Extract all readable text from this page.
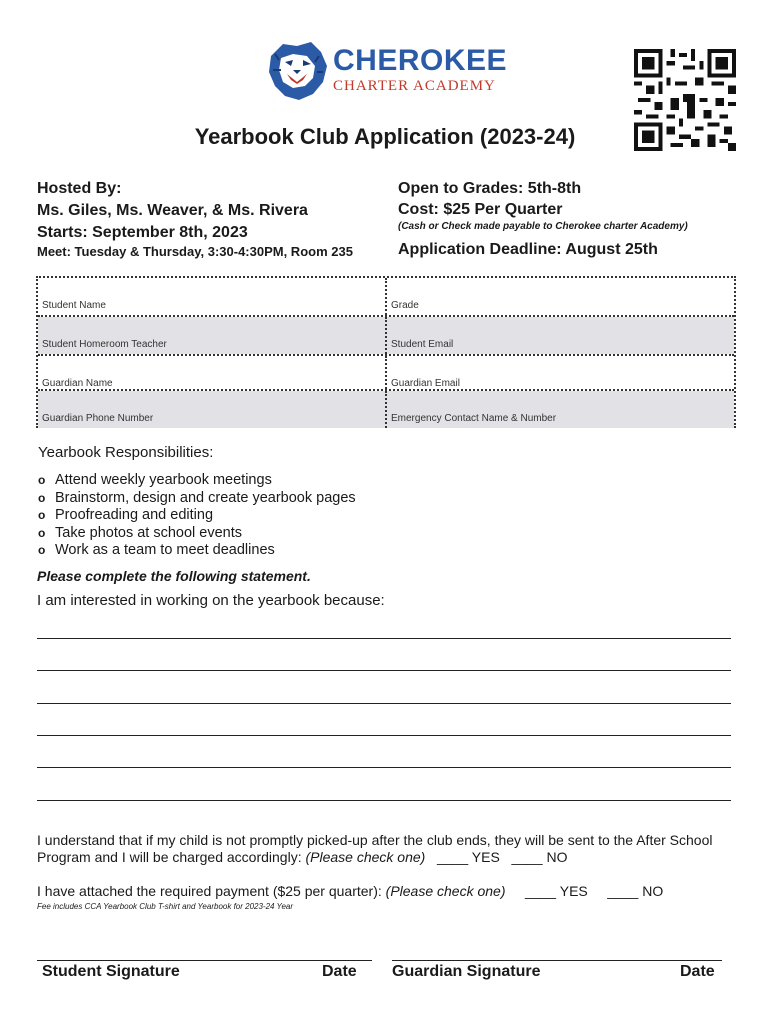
CHEROKEE
CHARTER ACADEMY
Yearbook Club Application (2023-24)
Hosted By:
Ms. Giles, Ms. Weaver, & Ms. Rivera
Starts: September 8th, 2023
Meet: Tuesday & Thursday, 3:30-4:30PM, Room 235
Open to Grades: 5th-8th
Cost: $25 Per Quarter
(Cash or Check made payable to Cherokee charter Academy)
Application Deadline: August 25th
Student Name	Grade
Student Homeroom Teacher	Student Email
Guardian Name	Guardian Email
Guardian Phone Number	Emergency Contact Name & Number
Yearbook Responsibilities:
o Attend weekly yearbook meetings
o Brainstorm, design and create yearbook pages
o Proofreading and editing
o Take photos at school events
o Work as a team to meet deadlines
Please complete the following statement.
I am interested in working on the yearbook because:
I understand that if my child is not promptly picked-up after the club ends, they will be sent to the After School Program and I will be charged accordingly: (Please check one) ____ YES ____ NO
I have attached the required payment ($25 per quarter): (Please check one) ____ YES ____ NO
Fee includes CCA Yearbook Club T-shirt and Yearbook for 2023-24 Year
Student Signature	Date Guardian Signature	Date
